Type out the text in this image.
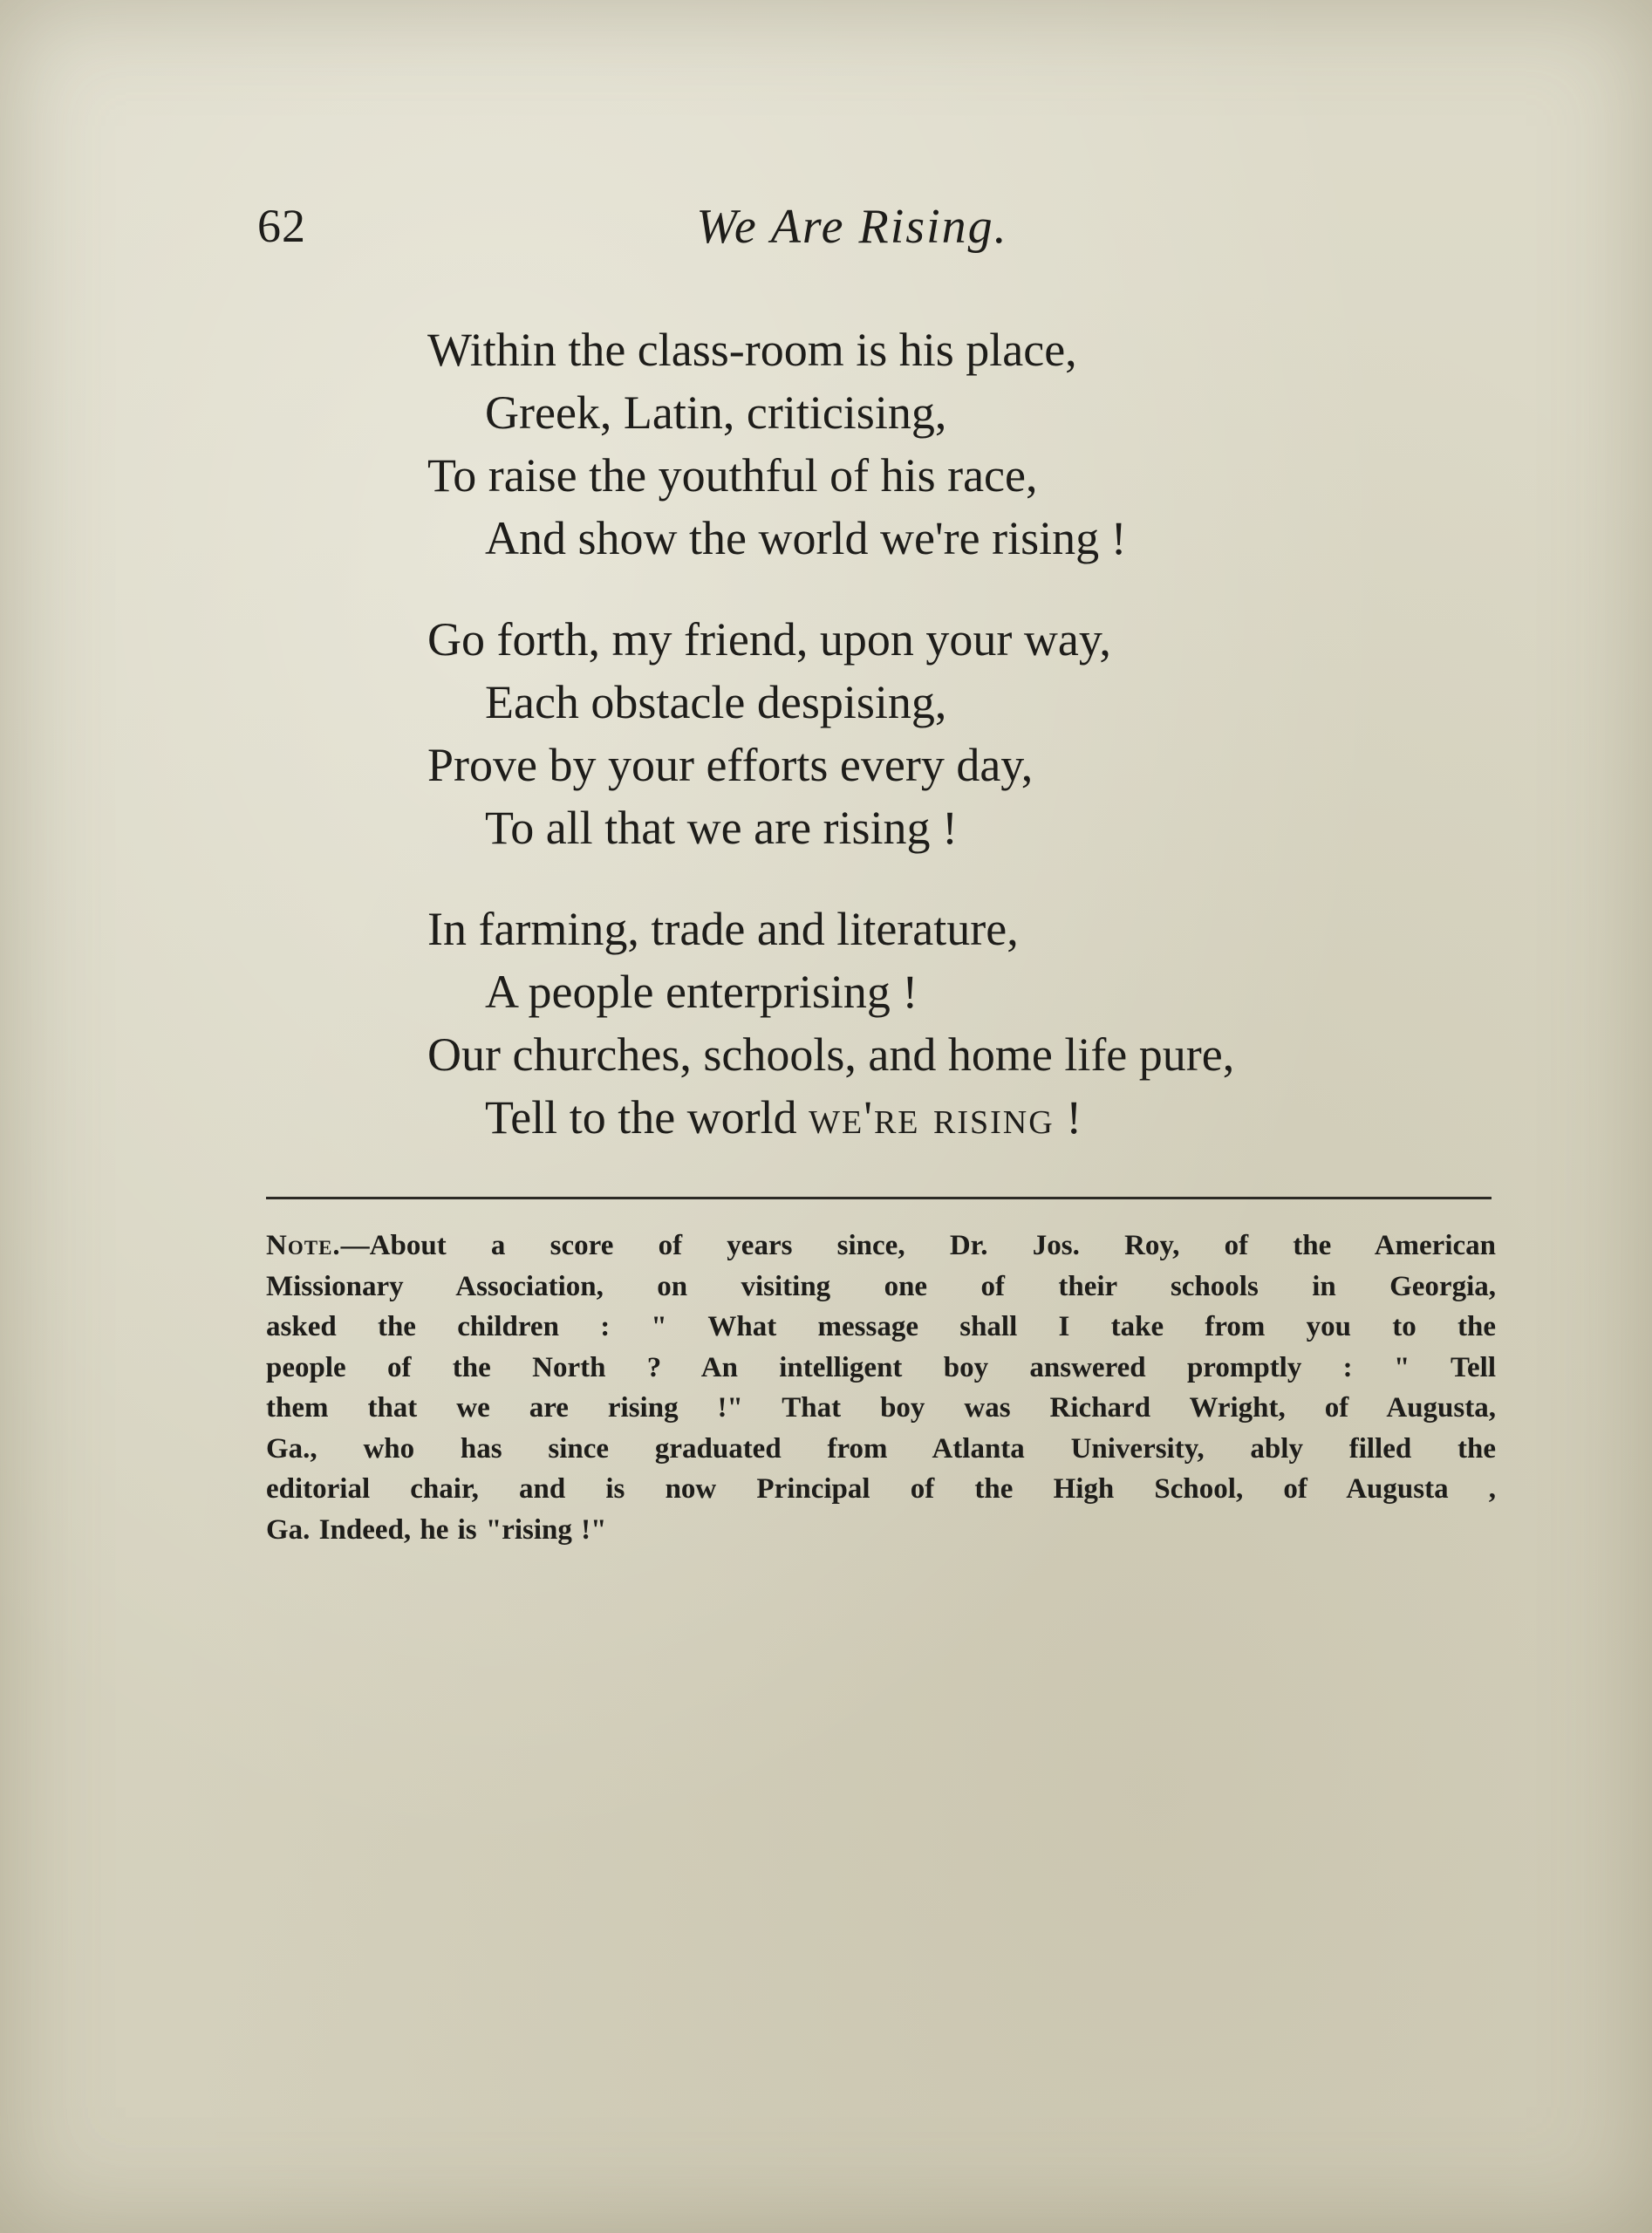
62	We Are Rising.
Within the class-room is his place,
Greek, Latin, criticising,
To raise the youthful of his race,
And show the world we're rising !
Go forth, my friend, upon your way,
Each obstacle despising,
Prove by your efforts every day,
To all that we are rising !
In farming, trade and literature,
A people enterprising !
Our churches, schools, and home life pure,
Tell to the world we're rising !
Note.—About a score of years since, Dr. Jos. Roy, of the American
Missionary Association, on visiting one of their schools in Georgia,
asked the children : " What message shall I take from you to the
people of the North ? An intelligent boy answered promptly : " Tell
them that we are rising !" That boy was Richard Wright, of Augusta,
Ga., who has since graduated from Atlanta University, ably filled the
editorial chair, and is now Principal of the High School, of Augusta ,
Ga. Indeed, he is "rising !"
